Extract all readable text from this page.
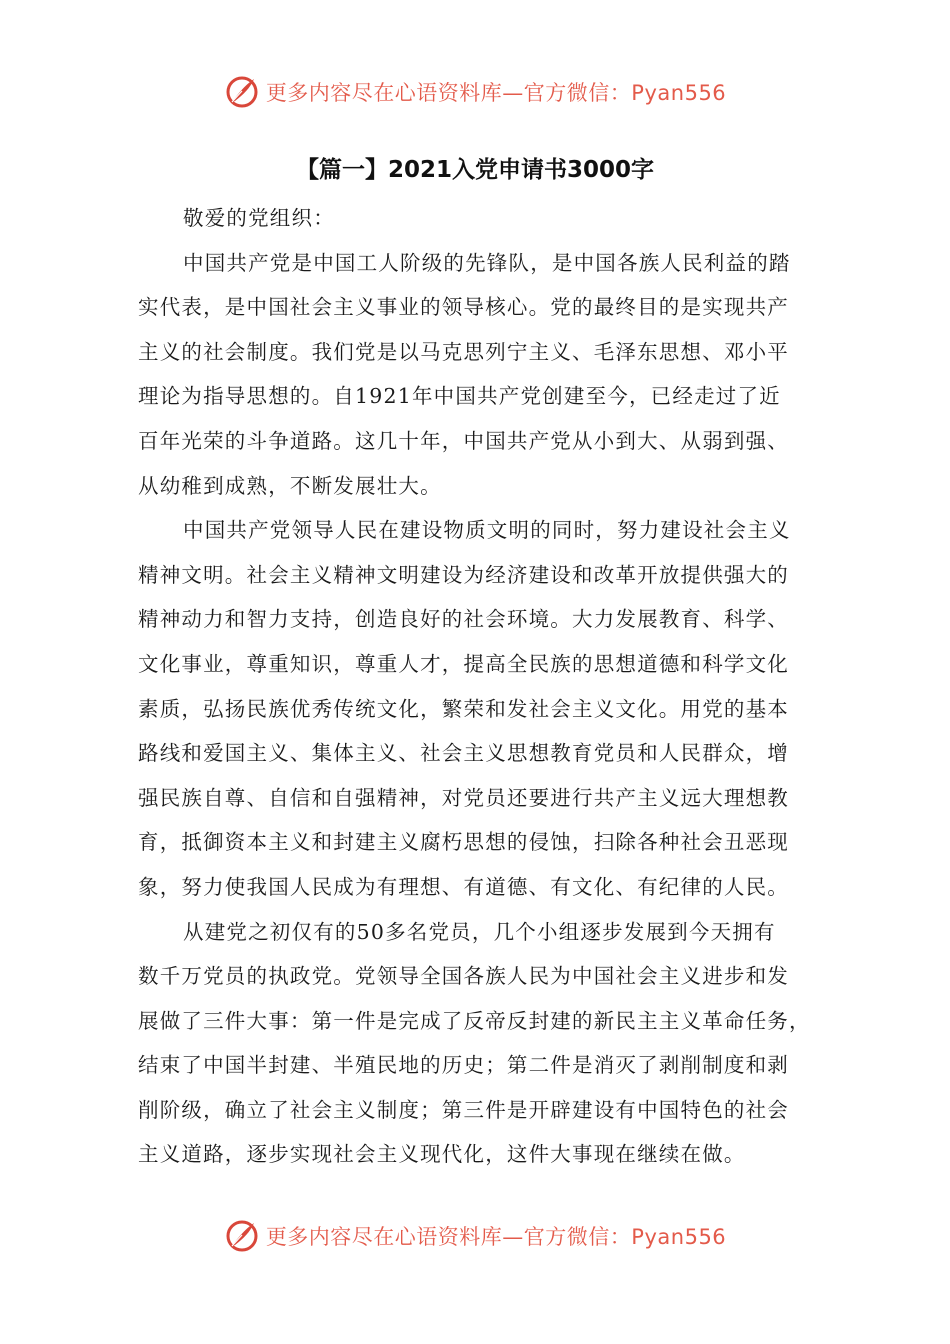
更多内容尽在心语资料库—官方微信：Pyan556
【篇一】2021入党申请书3000字

敬爱的党组织：

中国共产党是中国工人阶级的先锋队，是中国各族人民利益的踏
实代表，是中国社会主义事业的领导核心。党的最终目的是实现共产
主义的社会制度。我们党是以马克思列宁主义、毛泽东思想、邓小平
理论为指导思想的。自1921年中国共产党创建至今，已经走过了近
百年光荣的斗争道路。这几十年，中国共产党从小到大、从弱到强、
从幼稚到成熟，不断发展壮大。

中国共产党领导人民在建设物质文明的同时，努力建设社会主义
精神文明。社会主义精神文明建设为经济建设和改革开放提供强大的
精神动力和智力支持，创造良好的社会环境。大力发展教育、科学、
文化事业，尊重知识，尊重人才，提高全民族的思想道德和科学文化
素质，弘扬民族优秀传统文化，繁荣和发社会主义文化。用党的基本
路线和爱国主义、集体主义、社会主义思想教育党员和人民群众，增
强民族自尊、自信和自强精神，对党员还要进行共产主义远大理想教
育，抵御资本主义和封建主义腐朽思想的侵蚀，扫除各种社会丑恶现
象，努力使我国人民成为有理想、有道德、有文化、有纪律的人民。

从建党之初仅有的50多名党员，几个小组逐步发展到今天拥有
数千万党员的执政党。党领导全国各族人民为中国社会主义进步和发
展做了三件大事：第一件是完成了反帝反封建的新民主主义革命任务，
结束了中国半封建、半殖民地的历史；第二件是消灭了剥削制度和剥
削阶级，确立了社会主义制度；第三件是开辟建设有中国特色的社会
主义道路，逐步实现社会主义现代化，这件大事现在继续在做。

更多内容尽在心语资料库—官方微信：Pyan556
